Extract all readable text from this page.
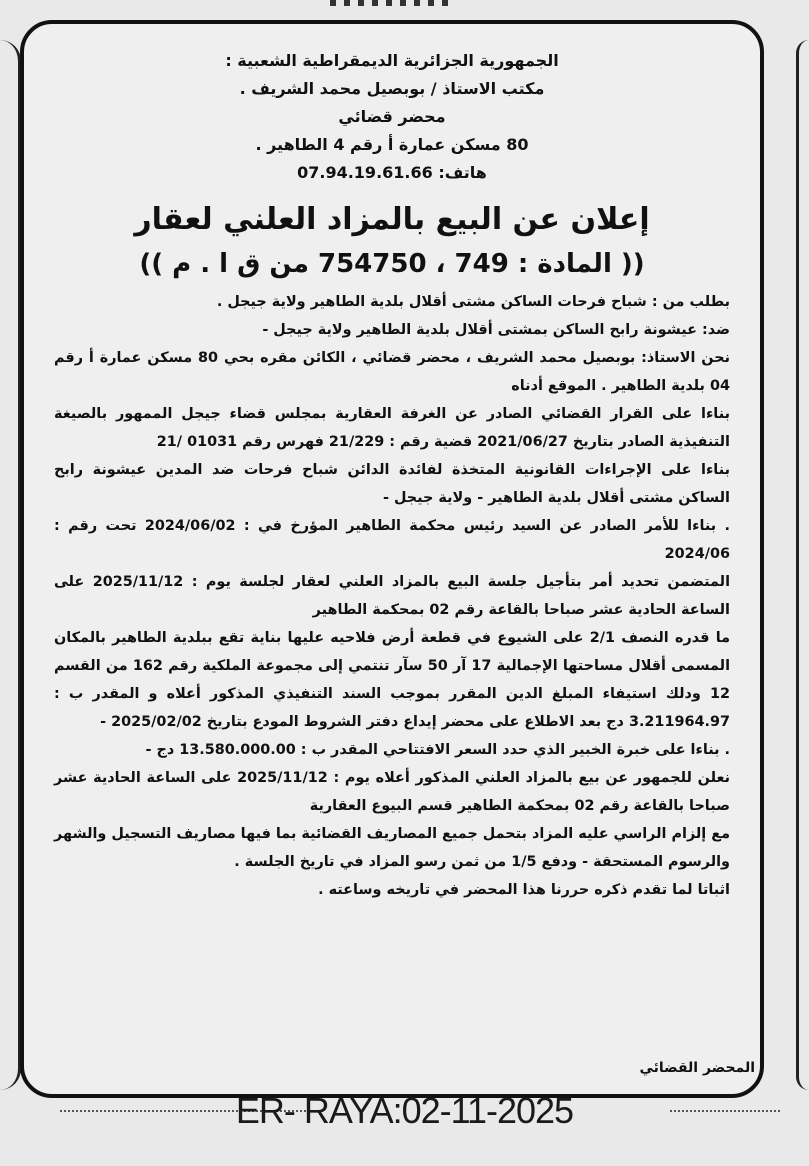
الجمهورية الجزائرية الديمقراطية الشعبية :
مكتب الاستاذ / بوبصيل محمد الشريف .
محضر قضائي
80 مسكن عمارة أ رقم 4 الطاهير .
هاتف: 07.94.19.61.66
إعلان عن البيع بالمزاد العلني لعقار
(( المادة : 749 ، 754750 من ق ا . م ))
بطلب من : شباح فرحات الساكن مشتى أقلال بلدية الطاهير ولاية جيجل .
ضد: عيشونة رابح الساكن بمشتى أقلال بلدية الطاهير ولاية جيجل -
نحن الاستاذ: بوبصيل محمد الشريف ، محضر قضائي ، الكائن مقره بحي 80 مسكن عمارة أ رقم 04 بلدية الطاهير . الموقع أدناه
بناءا على القرار القضائي الصادر عن الغرفة العقارية بمجلس قضاء جيجل الممهور بالصيغة التنفيذية الصادر بتاريخ 2021/06/27 قضية رقم : 21/229 فهرس رقم 01031 /21
بناءا على الإجراءات القانونية المتخذة لفائدة الدائن شباح فرحات ضد المدين عيشونة رابح الساكن مشتى أقلال بلدية الطاهير - ولاية جيجل -
. بناءا للأمر الصادر عن السيد رئيس محكمة الطاهير المؤرخ في : 2024/06/02 تحت رقم : 2024/06
المتضمن تحديد أمر بتأجيل جلسة البيع بالمزاد العلني لعقار لجلسة يوم : 2025/11/12 على الساعة الحادية عشر صباحا بالقاعة رقم 02 بمحكمة الطاهير
ما قدره النصف 2/1 على الشيوع في قطعة أرض فلاحيه عليها بناية تقع ببلدية الطاهير بالمكان المسمى أقلال مساحتها الإجمالية 17 آر 50 سآر تنتمي إلى مجموعة الملكية رقم 162 من القسم 12 ودلك استيفاء المبلغ الدين المقرر بموجب السند التنفيذي المذكور أعلاه و المقدر ب : 3.211964.97 دج بعد الاطلاع على محضر إيداع دفتر الشروط المودع بتاريخ 2025/02/02 -
. بناءا على خبرة الخبير الذي حدد السعر الافتتاحي المقدر ب : 13.580.000.00 دج -
نعلن للجمهور عن بيع بالمزاد العلني المذكور أعلاه يوم : 2025/11/12 على الساعة الحادية عشر صباحا بالقاعة رقم 02 بمحكمة الطاهير قسم البيوع العقارية
مع إلزام الراسي عليه المزاد بتحمل جميع المصاريف القضائية بما فيها مصاريف التسجيل والشهر والرسوم المستحقة - ودفع 1/5 من ثمن رسو المزاد في تاريخ الجلسة .
اثباتا لما تقدم ذكره حررنا هذا المحضر في تاريخه وساعته .
المحضر القضائي
ER- RAYA:02-11-2025
